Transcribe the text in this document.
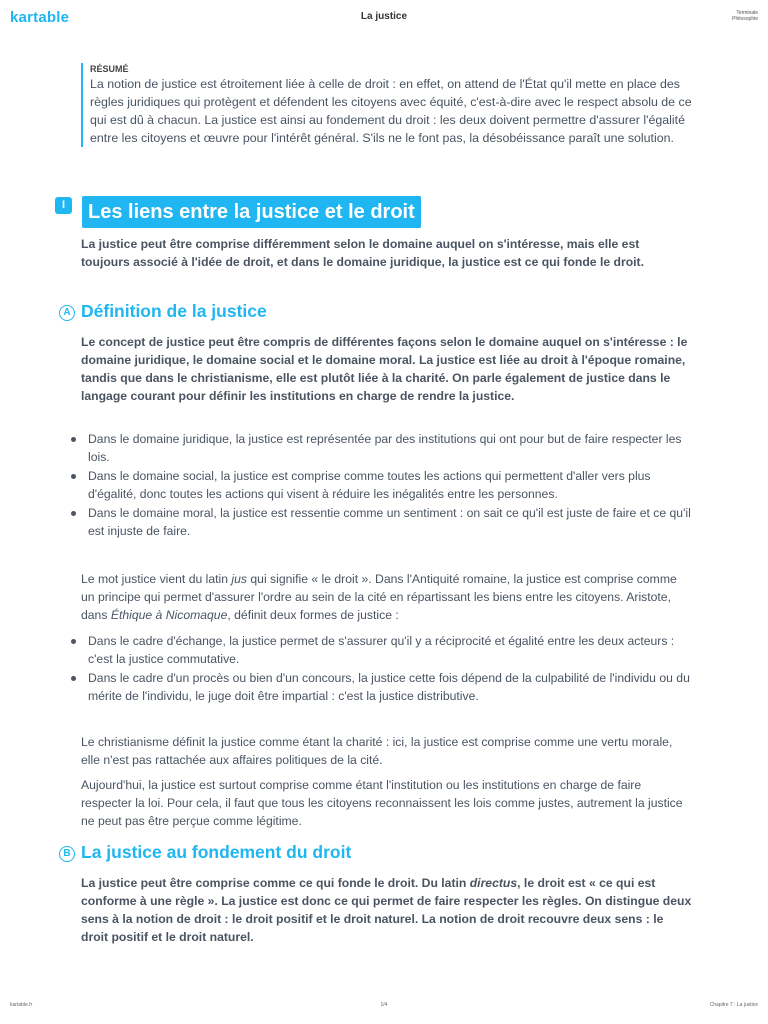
kartable	La justice	Terminale
Philosophie
RÉSUMÉ
La notion de justice est étroitement liée à celle de droit : en effet, on attend de l'État qu'il mette en place des règles juridiques qui protègent et défendent les citoyens avec équité, c'est-à-dire avec le respect absolu de ce qui est dû à chacun. La justice est ainsi au fondement du droit : les deux doivent permettre d'assurer l'égalité entre les citoyens et œuvre pour l'intérêt général. S'ils ne le font pas, la désobéissance paraît une solution.
I	Les liens entre la justice et le droit
La justice peut être comprise différemment selon le domaine auquel on s'intéresse, mais elle est toujours associé à l'idée de droit, et dans le domaine juridique, la justice est ce qui fonde le droit.
A Définition de la justice
Le concept de justice peut être compris de différentes façons selon le domaine auquel on s'intéresse : le domaine juridique, le domaine social et le domaine moral. La justice est liée au droit à l'époque romaine, tandis que dans le christianisme, elle est plutôt liée à la charité. On parle également de justice dans le langage courant pour définir les institutions en charge de rendre la justice.
Dans le domaine juridique, la justice est représentée par des institutions qui ont pour but de faire respecter les lois.
Dans le domaine social, la justice est comprise comme toutes les actions qui permettent d'aller vers plus d'égalité, donc toutes les actions qui visent à réduire les inégalités entre les personnes.
Dans le domaine moral, la justice est ressentie comme un sentiment : on sait ce qu'il est juste de faire et ce qu'il est injuste de faire.
Le mot justice vient du latin jus qui signifie « le droit ». Dans l'Antiquité romaine, la justice est comprise comme un principe qui permet d'assurer l'ordre au sein de la cité en répartissant les biens entre les citoyens. Aristote, dans Éthique à Nicomaque, définit deux formes de justice :
Dans le cadre d'échange, la justice permet de s'assurer qu'il y a réciprocité et égalité entre les deux acteurs : c'est la justice commutative.
Dans le cadre d'un procès ou bien d'un concours, la justice cette fois dépend de la culpabilité de l'individu ou du mérite de l'individu, le juge doit être impartial : c'est la justice distributive.
Le christianisme définit la justice comme étant la charité : ici, la justice est comprise comme une vertu morale, elle n'est pas rattachée aux affaires politiques de la cité.
Aujourd'hui, la justice est surtout comprise comme étant l'institution ou les institutions en charge de faire respecter la loi. Pour cela, il faut que tous les citoyens reconnaissent les lois comme justes, autrement la justice ne peut pas être perçue comme légitime.
B La justice au fondement du droit
La justice peut être comprise comme ce qui fonde le droit. Du latin directus, le droit est « ce qui est conforme à une règle ». La justice est donc ce qui permet de faire respecter les règles. On distingue deux sens à la notion de droit : le droit positif et le droit naturel. La notion de droit recouvre deux sens : le droit positif et le droit naturel.
kartable.fr	1/4	Chapitre 7 : La justice
